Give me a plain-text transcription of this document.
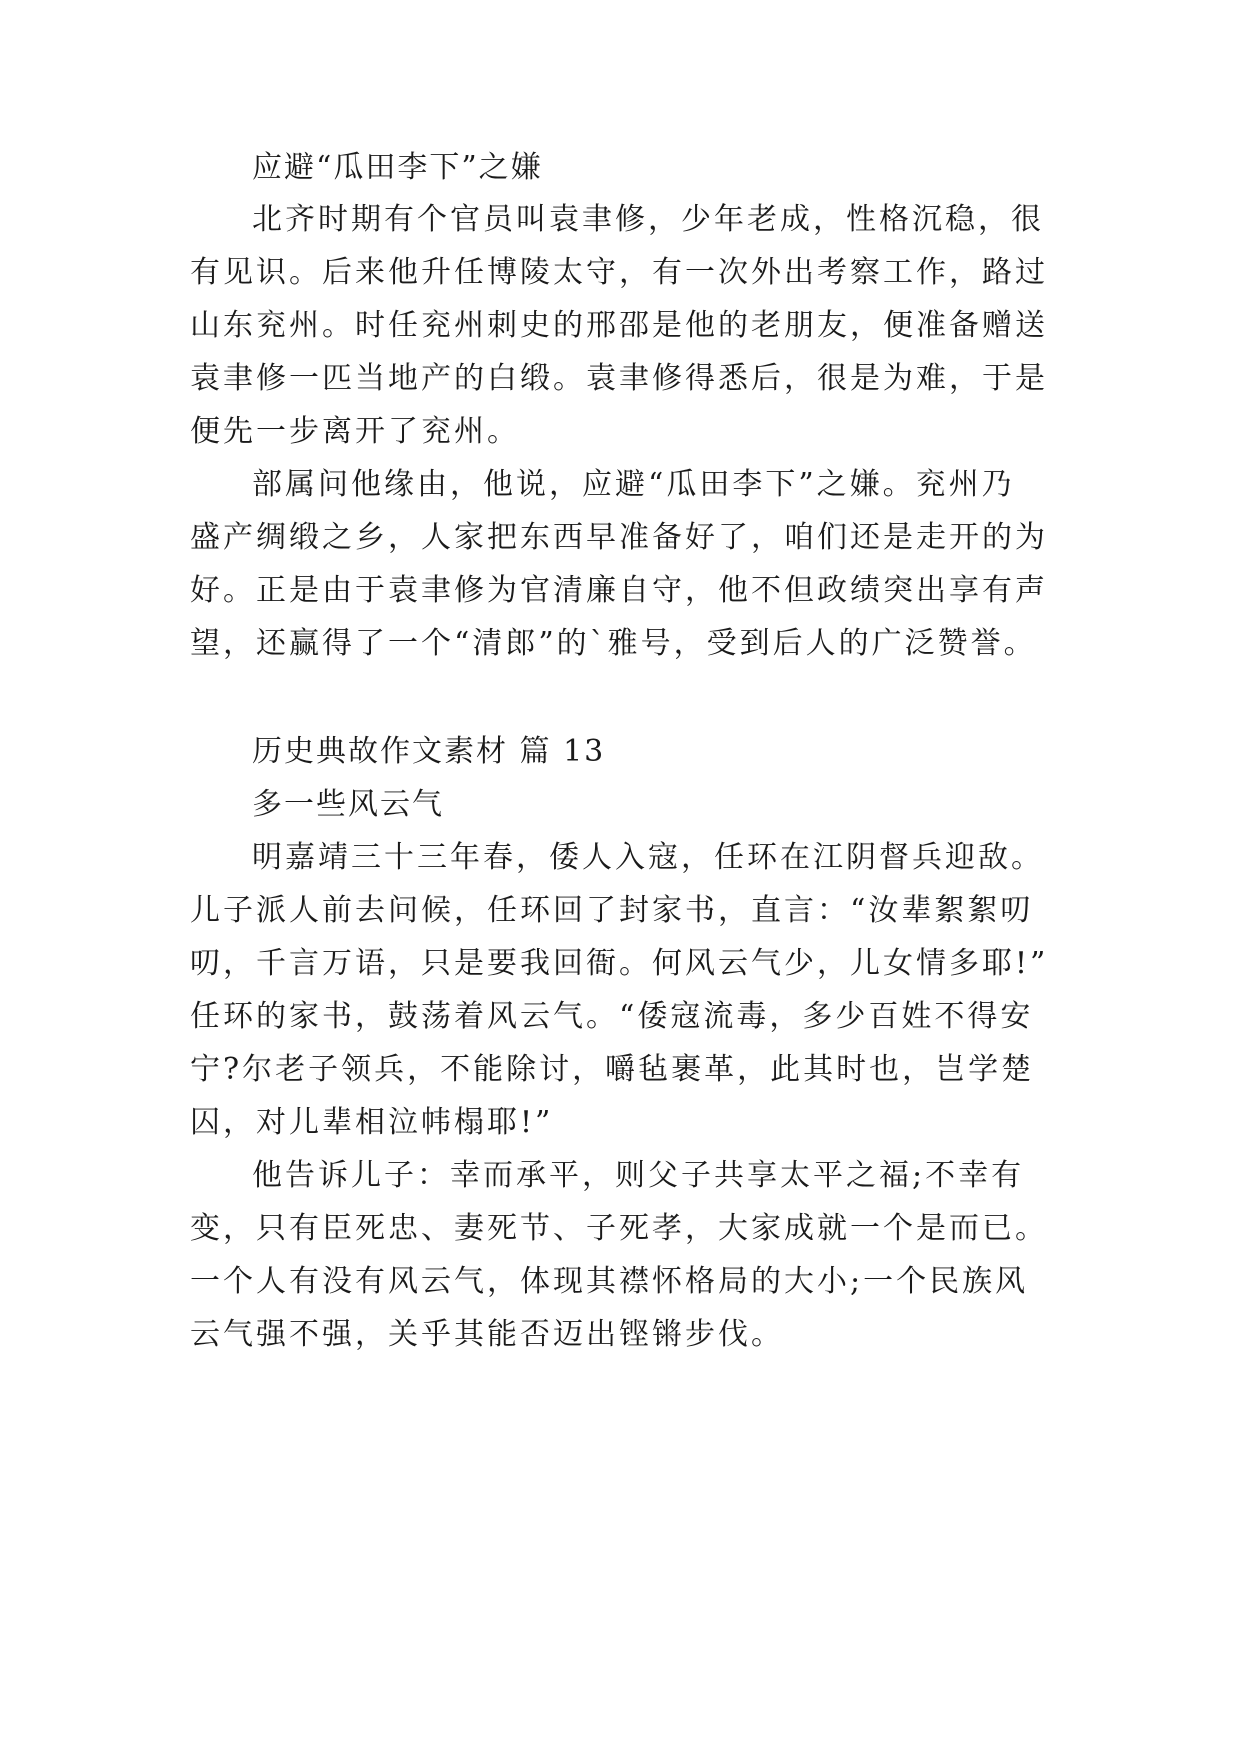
应避“瓜田李下”之嫌
北齐时期有个官员叫袁聿修，少年老成，性格沉稳，很
有见识。后来他升任博陵太守，有一次外出考察工作，路过
山东兖州。时任兖州刺史的邢邵是他的老朋友，便准备赠送
袁聿修一匹当地产的白缎。袁聿修得悉后，很是为难，于是
便先一步离开了兖州。
部属问他缘由，他说，应避“瓜田李下”之嫌。兖州乃
盛产绸缎之乡，人家把东西早准备好了，咱们还是走开的为
好。正是由于袁聿修为官清廉自守，他不但政绩突出享有声
望，还赢得了一个“清郎”的`雅号，受到后人的广泛赞誉。
历史典故作文素材 篇 13
多一些风云气
明嘉靖三十三年春，倭人入寇，任环在江阴督兵迎敌。
儿子派人前去问候，任环回了封家书，直言：“汝辈絮絮叨
叨，千言万语，只是要我回衙。何风云气少，儿女情多耶!”
任环的家书，鼓荡着风云气。“倭寇流毒，多少百姓不得安
宁?尔老子领兵，不能除讨，嚼毡裹革，此其时也，岂学楚
囚，对儿辈相泣帏榻耶!”
他告诉儿子：幸而承平，则父子共享太平之福;不幸有
变，只有臣死忠、妻死节、子死孝，大家成就一个是而已。
一个人有没有风云气，体现其襟怀格局的大小;一个民族风
云气强不强，关乎其能否迈出铿锵步伐。
